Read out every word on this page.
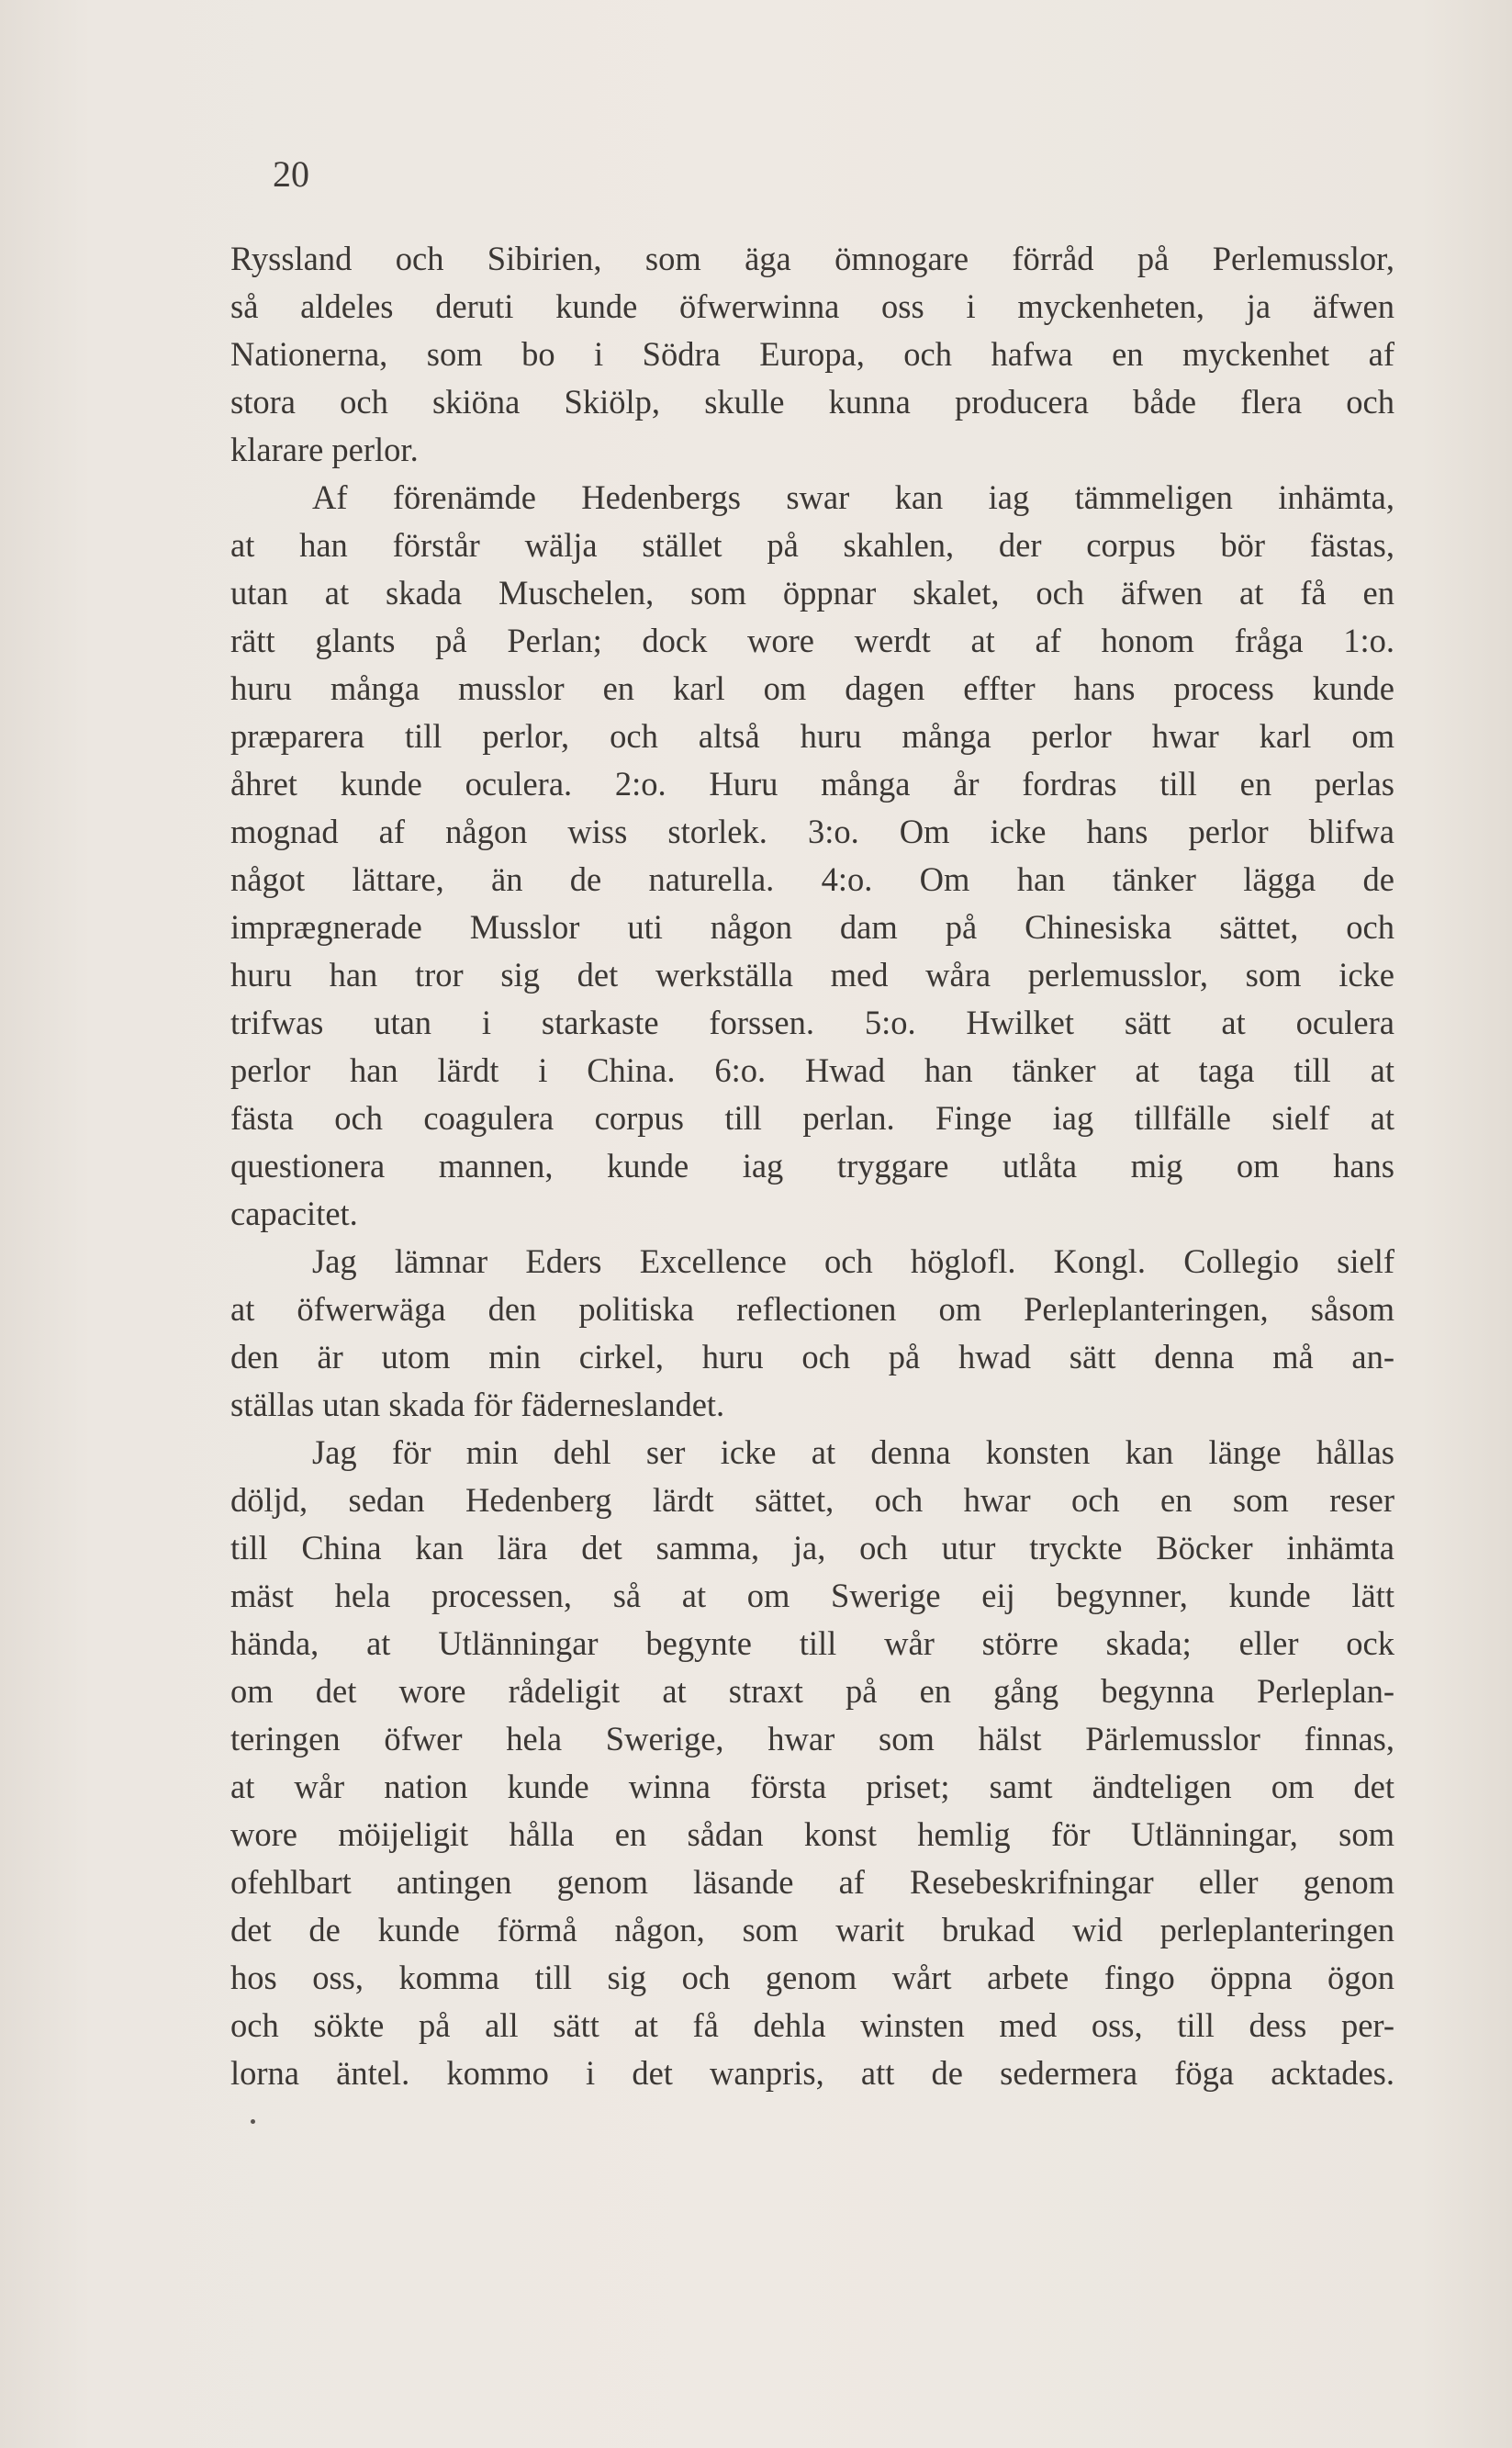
20
Ryssland och Sibirien, som äga ömnogare förråd på Perlemusslor,
så aldeles deruti kunde öfwerwinna oss i myckenheten, ja äfwen
Nationerna, som bo i Södra Europa, och hafwa en myckenhet af
stora och skiöna Skiölp, skulle kunna producera både flera och
klarare perlor.
Af förenämde Hedenbergs swar kan iag tämmeligen inhämta,
at han förstår wälja stället på skahlen, der corpus bör fästas,
utan at skada Muschelen, som öppnar skalet, och äfwen at få en
rätt glants på Perlan; dock wore werdt at af honom fråga 1:o.
huru många musslor en karl om dagen effter hans process kunde
præparera till perlor, och altså huru många perlor hwar karl om
åhret kunde oculera. 2:o. Huru många år fordras till en perlas
mognad af någon wiss storlek. 3:o. Om icke hans perlor blifwa
något lättare, än de naturella. 4:o. Om han tänker lägga de
imprægnerade Musslor uti någon dam på Chinesiska sättet, och
huru han tror sig det werkställa med wåra perlemusslor, som icke
trifwas utan i starkaste forssen. 5:o. Hwilket sätt at oculera
perlor han lärdt i China. 6:o. Hwad han tänker at taga till at
fästa och coagulera corpus till perlan. Finge iag tillfälle sielf at
questionera mannen, kunde iag tryggare utlåta mig om hans
capacitet.
Jag lämnar Eders Excellence och höglofl. Kongl. Collegio sielf
at öfwerwäga den politiska reflectionen om Perleplanteringen, såsom
den är utom min cirkel, huru och på hwad sätt denna må an-
ställas utan skada för fäderneslandet.
Jag för min dehl ser icke at denna konsten kan länge hållas
döljd, sedan Hedenberg lärdt sättet, och hwar och en som reser
till China kan lära det samma, ja, och utur tryckte Böcker inhämta
mäst hela processen, så at om Swerige eij begynner, kunde lätt
hända, at Utlänningar begynte till wår större skada; eller ock
om det wore rådeligit at straxt på en gång begynna Perleplan-
teringen öfwer hela Swerige, hwar som hälst Pärlemusslor finnas,
at wår nation kunde winna första priset; samt ändteligen om det
wore möijeligit hålla en sådan konst hemlig för Utlänningar, som
ofehlbart antingen genom läsande af Resebeskrifningar eller genom
det de kunde förmå någon, som warit brukad wid perleplanteringen
hos oss, komma till sig och genom wårt arbete fingo öppna ögon
och sökte på all sätt at få dehla winsten med oss, till dess per-
lorna äntel. kommo i det wanpris, att de sedermera föga acktades.
